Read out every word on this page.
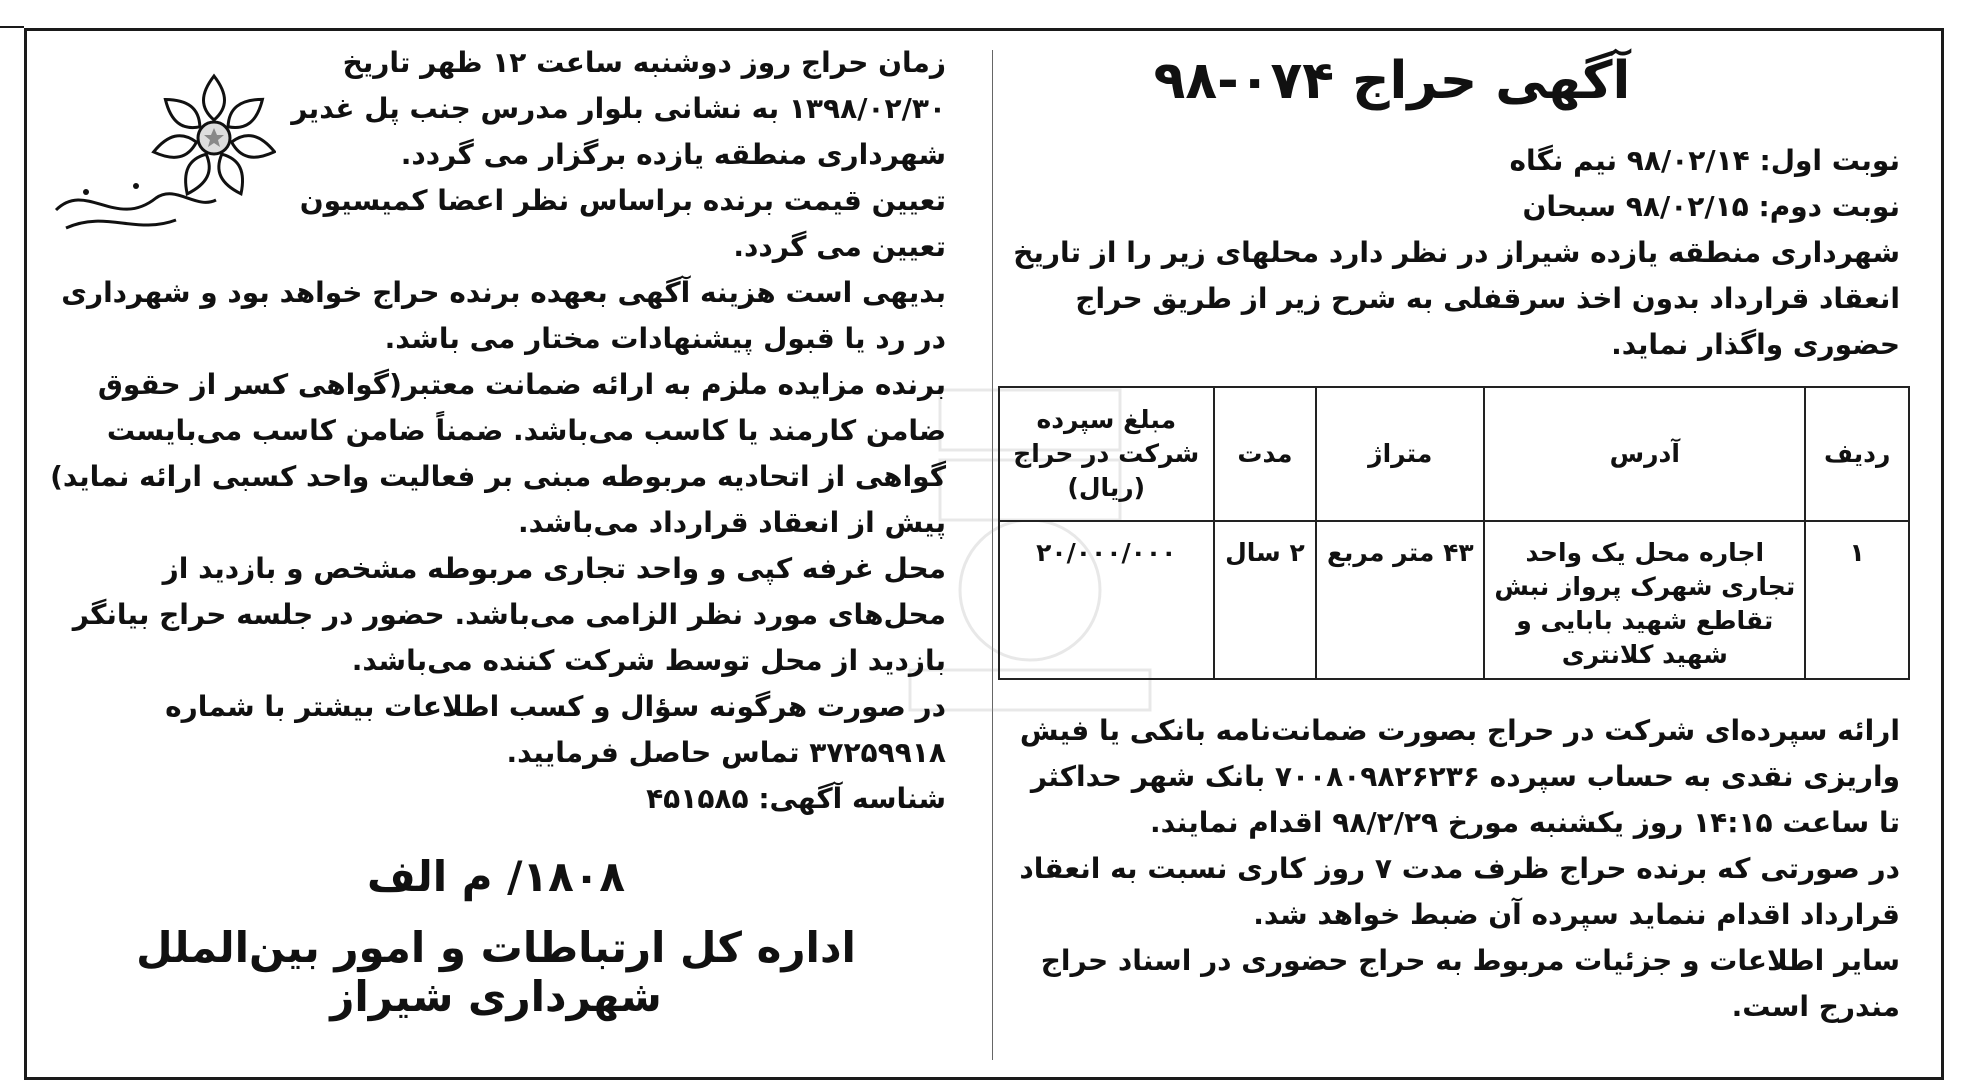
آگهی حراج ۰۷۴-۹۸

نوبت اول: ۹۸/۰۲/۱۴ نیم نگاه

نوبت دوم: ۹۸/۰۲/۱۵ سبحان

شهرداری منطقه یازده شیراز در نظر دارد محلهای زیر را از تاریخ انعقاد قرارداد بدون اخذ سرقفلی به شرح زیر از طریق حراج حضوری واگذار نماید.

ردیف	آدرس	متراژ	مدت	مبلغ سپرده شرکت در حراج (ریال)
۱	اجاره محل یک واحد تجاری شهرک پرواز نبش تقاطع شهید بابایی و شهید کلانتری	۴۳ متر مربع	۲ سال	۲۰/۰۰۰/۰۰۰

ارائه سپرده‌ای شرکت در حراج بصورت ضمانت‌نامه بانکی یا فیش واریزی نقدی به حساب سپرده ۷۰۰۸۰۹۸۲۶۲۳۶ بانک شهر حداکثر تا ساعت ۱۴:۱۵ روز یکشنبه مورخ ۹۸/۲/۲۹ اقدام نمایند.

در صورتی که برنده حراج ظرف مدت ۷ روز کاری نسبت به انعقاد قرارداد اقدام ننماید سپرده آن ضبط خواهد شد.

سایر اطلاعات و جزئیات مربوط به حراج حضوری در اسناد حراج مندرج است.

زمان حراج روز دوشنبه ساعت ۱۲ ظهر تاریخ ۱۳۹۸/۰۲/۳۰ به نشانی بلوار مدرس جنب پل غدیر شهرداری منطقه یازده برگزار می گردد.

تعیین قیمت برنده براساس نظر اعضا کمیسیون تعیین می گردد.

بدیهی است هزینه آگهی بعهده برنده حراج خواهد بود و شهرداری در رد یا قبول پیشنهادات مختار می باشد.

برنده مزایده ملزم به ارائه ضمانت معتبر(گواهی کسر از حقوق ضامن کارمند یا کاسب می‌باشد. ضمناً ضامن کاسب می‌بایست گواهی از اتحادیه مربوطه مبنی بر فعالیت واحد کسبی ارائه نماید) پیش از انعقاد قرارداد می‌باشد.

محل غرفه کپی و واحد تجاری مربوطه مشخص و بازدید از محل‌های مورد نظر الزامی می‌باشد. حضور در جلسه حراج بیانگر بازدید از محل توسط شرکت کننده می‌باشد.

در صورت هرگونه سؤال و کسب اطلاعات بیشتر با شماره ۳۷۲۵۹۹۱۸ تماس حاصل فرمایید.

شناسه آگهی: ۴۵۱۵۸۵

۱۸۰۸/ م الف
اداره کل ارتباطات و امور بین‌الملل شهرداری شیراز
